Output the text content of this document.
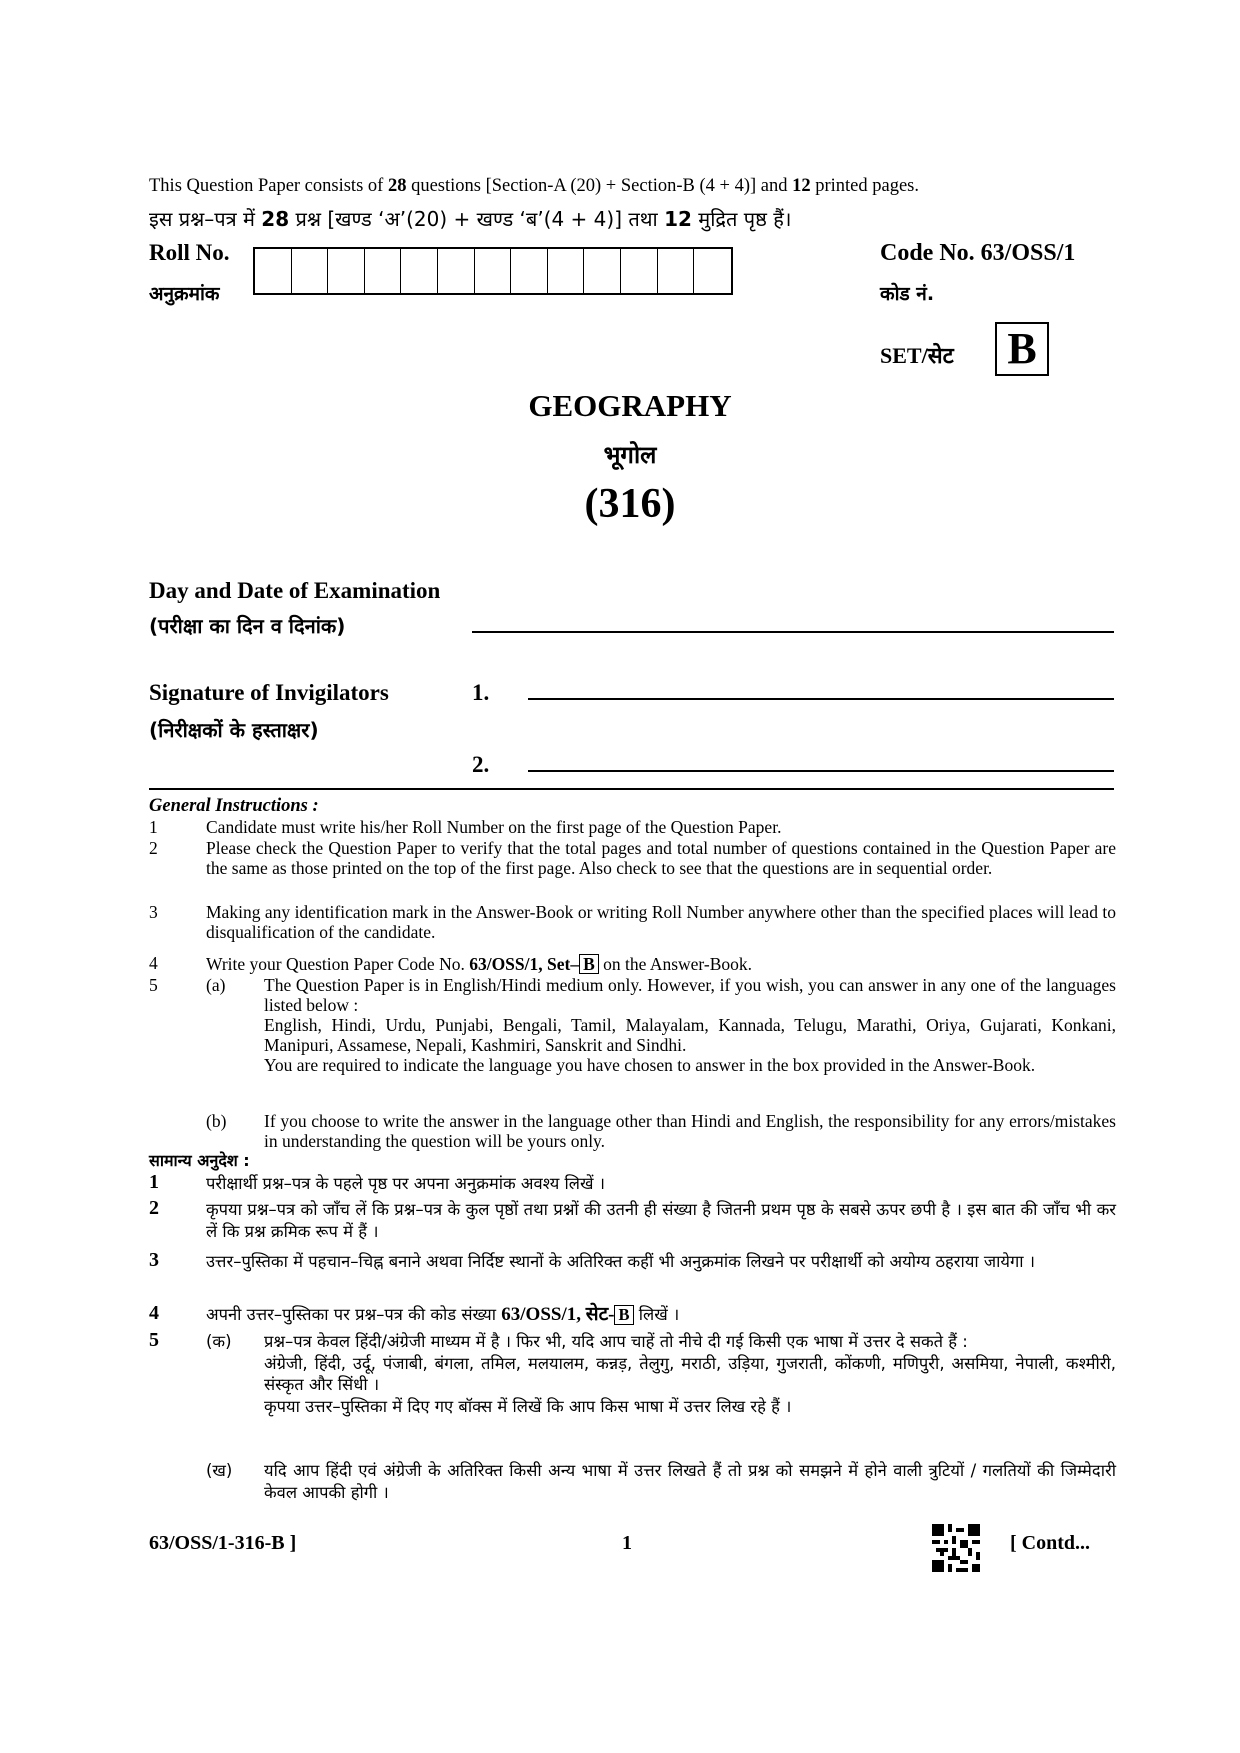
This Question Paper consists of 28 questions [Section-A (20) + Section-B (4 + 4)] and 12 printed pages.
इस प्रश्न–पत्र में 28 प्रश्न [खण्ड ‘अ’(20) + खण्ड ‘ब’(4 + 4)] तथा 12 मुद्रित पृष्ठ हैं।
Roll No.
अनुक्रमांक
Code No. 63/OSS/1
कोड नं.
SET/सेट B
GEOGRAPHY
भूगोल
(316)
Day and Date of Examination
(परीक्षा का दिन व दिनांक)
Signature of Invigilators
(निरीक्षकों के हस्ताक्षर)
1.
2.
General Instructions :
1	Candidate must write his/her Roll Number on the first page of the Question Paper.
2	Please check the Question Paper to verify that the total pages and total number of questions contained in the Question Paper are the same as those printed on the top of the first page. Also check to see that the questions are in sequential order.
3	Making any identification mark in the Answer-Book or writing Roll Number anywhere other than the specified places will lead to disqualification of the candidate.
4	Write your Question Paper Code No. 63/OSS/1, Set– B on the Answer-Book.
5	(a) The Question Paper is in English/Hindi medium only. However, if you wish, you can answer in any one of the languages listed below :
English, Hindi, Urdu, Punjabi, Bengali, Tamil, Malayalam, Kannada, Telugu, Marathi, Oriya, Gujarati, Konkani, Manipuri, Assamese, Nepali, Kashmiri, Sanskrit and Sindhi.
You are required to indicate the language you have chosen to answer in the box provided in the Answer-Book.
(b) If you choose to write the answer in the language other than Hindi and English, the responsibility for any errors/mistakes in understanding the question will be yours only.
सामान्य अनुदेश :
1	परीक्षार्थी प्रश्न–पत्र के पहले पृष्ठ पर अपना अनुक्रमांक अवश्य लिखें ।
2	कृपया प्रश्न–पत्र को जाँच लें कि प्रश्न–पत्र के कुल पृष्ठों तथा प्रश्नों की उतनी ही संख्या है जितनी प्रथम पृष्ठ के सबसे ऊपर छपी है । इस बात की जाँच भी कर लें कि प्रश्न क्रमिक रूप में हैं ।
3	उत्तर–पुस्तिका में पहचान–चिह्न बनाने अथवा निर्दिष्ट स्थानों के अतिरिक्त कहीं भी अनुक्रमांक लिखने पर परीक्षार्थी को अयोग्य ठहराया जायेगा ।
4	अपनी उत्तर–पुस्तिका पर प्रश्न–पत्र की कोड संख्या 63/OSS/1, सेट- B लिखें ।
5	(क) प्रश्न–पत्र केवल हिंदी/अंग्रेजी माध्यम में है । फिर भी, यदि आप चाहें तो नीचे दी गई किसी एक भाषा में उत्तर दे सकते हैं :
अंग्रेजी, हिंदी, उर्दू, पंजाबी, बंगला, तमिल, मलयालम, कन्नड़, तेलुगु, मराठी, उड़िया, गुजराती, कोंकणी, मणिपुरी, असमिया, नेपाली, कश्मीरी, संस्कृत और सिंधी ।
कृपया उत्तर–पुस्तिका में दिए गए बॉक्स में लिखें कि आप किस भाषा में उत्तर लिख रहे हैं ।
(ख) यदि आप हिंदी एवं अंग्रेजी के अतिरिक्त किसी अन्य भाषा में उत्तर लिखते हैं तो प्रश्न को समझने में होने वाली त्रुटियों / गलतियों की जिम्मेदारी केवल आपकी होगी ।
63/OSS/1-316-B ]	1	[ Contd...
